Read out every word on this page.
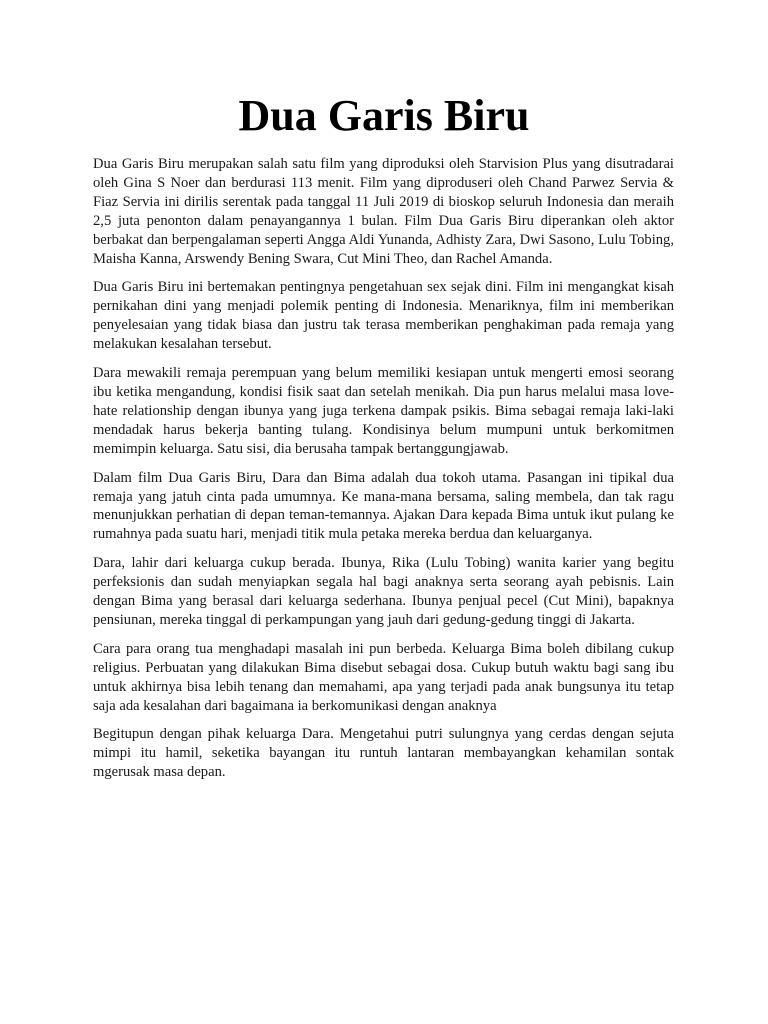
Dua Garis Biru

Dua Garis Biru merupakan salah satu film yang diproduksi oleh Starvision Plus yang disutradarai oleh Gina S Noer dan berdurasi 113 menit. Film yang diproduseri oleh Chand Parwez Servia & Fiaz Servia ini dirilis serentak pada tanggal 11 Juli 2019 di bioskop seluruh Indonesia dan meraih 2,5 juta penonton dalam penayangannya 1 bulan. Film Dua Garis Biru diperankan oleh aktor berbakat dan berpengalaman seperti Angga Aldi Yunanda, Adhisty Zara, Dwi Sasono, Lulu Tobing, Maisha Kanna, Arswendy Bening Swara, Cut Mini Theo, dan Rachel Amanda.

Dua Garis Biru ini bertemakan pentingnya pengetahuan sex sejak dini. Film ini mengangkat kisah pernikahan dini yang menjadi polemik penting di Indonesia. Menariknya, film ini memberikan penyelesaian yang tidak biasa dan justru tak terasa memberikan penghakiman pada remaja yang melakukan kesalahan tersebut.

Dara mewakili remaja perempuan yang belum memiliki kesiapan untuk mengerti emosi seorang ibu ketika mengandung, kondisi fisik saat dan setelah menikah. Dia pun harus melalui masa love-hate relationship dengan ibunya yang juga terkena dampak psikis. Bima sebagai remaja laki-laki mendadak harus bekerja banting tulang. Kondisinya belum mumpuni untuk berkomitmen memimpin keluarga. Satu sisi, dia berusaha tampak bertanggungjawab.

Dalam film Dua Garis Biru, Dara dan Bima adalah dua tokoh utama. Pasangan ini tipikal dua remaja yang jatuh cinta pada umumnya. Ke mana-mana bersama, saling membela, dan tak ragu menunjukkan perhatian di depan teman-temannya. Ajakan Dara kepada Bima untuk ikut pulang ke rumahnya pada suatu hari, menjadi titik mula petaka mereka berdua dan keluarganya.

Dara, lahir dari keluarga cukup berada. Ibunya, Rika (Lulu Tobing) wanita karier yang begitu perfeksionis dan sudah menyiapkan segala hal bagi anaknya serta seorang ayah pebisnis. Lain dengan Bima yang berasal dari keluarga sederhana. Ibunya penjual pecel (Cut Mini), bapaknya pensiunan, mereka tinggal di perkampungan yang jauh dari gedung-gedung tinggi di Jakarta.

Cara para orang tua menghadapi masalah ini pun berbeda. Keluarga Bima boleh dibilang cukup religius. Perbuatan yang dilakukan Bima disebut sebagai dosa. Cukup butuh waktu bagi sang ibu untuk akhirnya bisa lebih tenang dan memahami, apa yang terjadi pada anak bungsunya itu tetap saja ada kesalahan dari bagaimana ia berkomunikasi dengan anaknya

Begitupun dengan pihak keluarga Dara. Mengetahui putri sulungnya yang cerdas dengan sejuta mimpi itu hamil, seketika bayangan itu runtuh lantaran membayangkan kehamilan sontak mgerusak masa depan.
